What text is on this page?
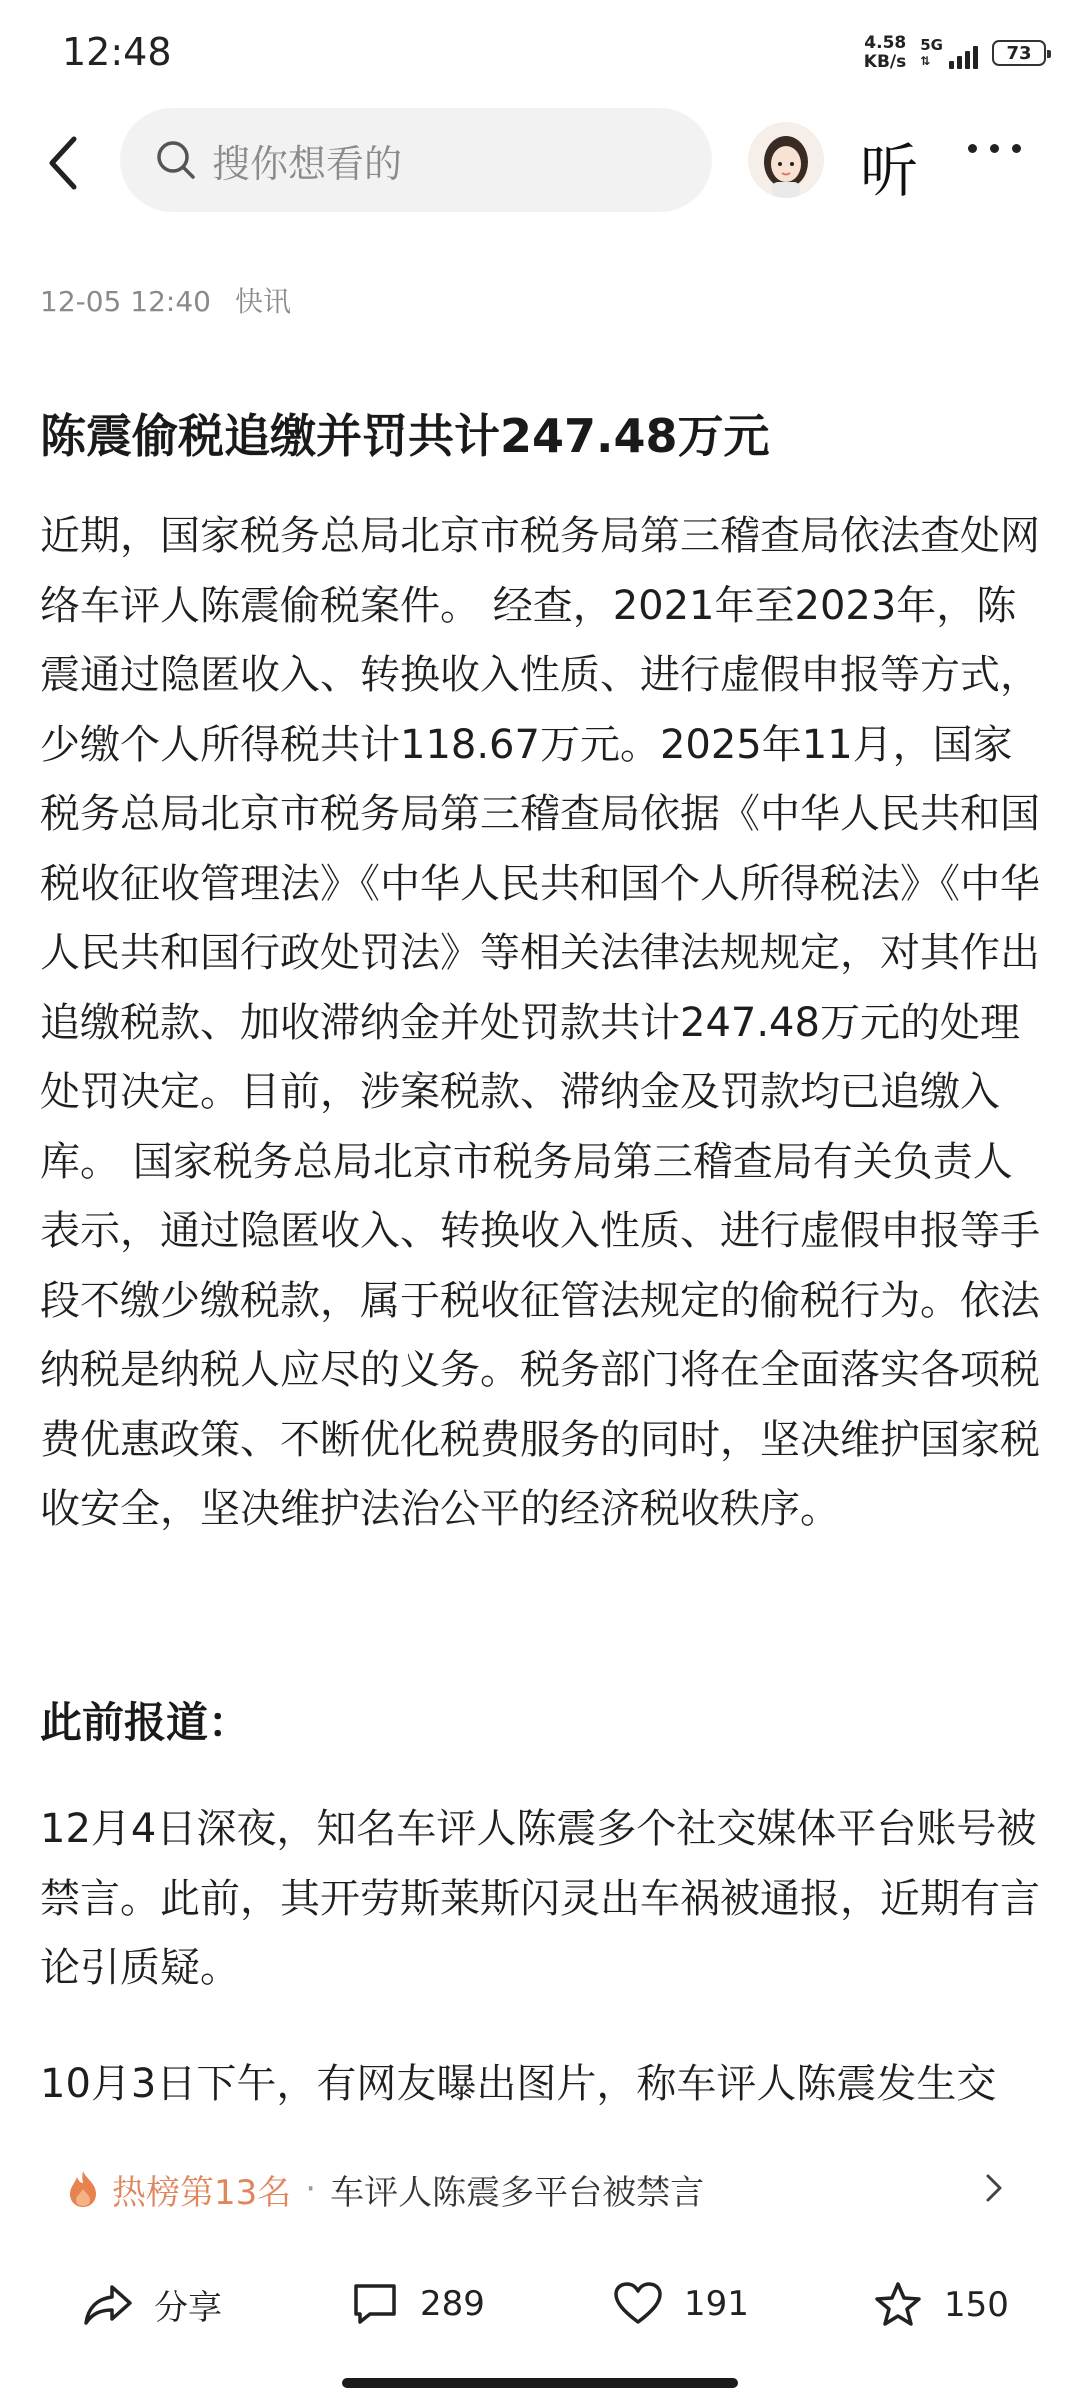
12:48	4.58
KB/s
5G
⇅	73
搜你想看的	听
12-05 12:40 快讯
陈震偷税追缴并罚共计247.48万元

近期，国家税务总局北京市税务局第三稽查局依法查处网络车评人陈震偷税案件。 经查，2021年至2023年，陈震通过隐匿收入、转换收入性质、进行虚假申报等方式，少缴个人所得税共计118.67万元。2025年11月，国家税务总局北京市税务局第三稽查局依据《中华人民共和国税收征收管理法》《中华人民共和国个人所得税法》《中华人民共和国行政处罚法》等相关法律法规规定，对其作出追缴税款、加收滞纳金并处罚款共计247.48万元的处理处罚决定。目前，涉案税款、滞纳金及罚款均已追缴入库。 国家税务总局北京市税务局第三稽查局有关负责人表示，通过隐匿收入、转换收入性质、进行虚假申报等手段不缴少缴税款，属于税收征管法规定的偷税行为。依法纳税是纳税人应尽的义务。税务部门将在全面落实各项税费优惠政策、不断优化税费服务的同时，坚决维护国家税收安全，坚决维护法治公平的经济税收秩序。

此前报道：

12月4日深夜，知名车评人陈震多个社交媒体平台账号被禁言。此前，其开劳斯莱斯闪灵出车祸被通报，近期有言论引质疑。

10月3日下午，有网友曝出图片，称车评人陈震发生交

热榜第13名 · 车评人陈震多平台被禁言
分享	289	191	150
